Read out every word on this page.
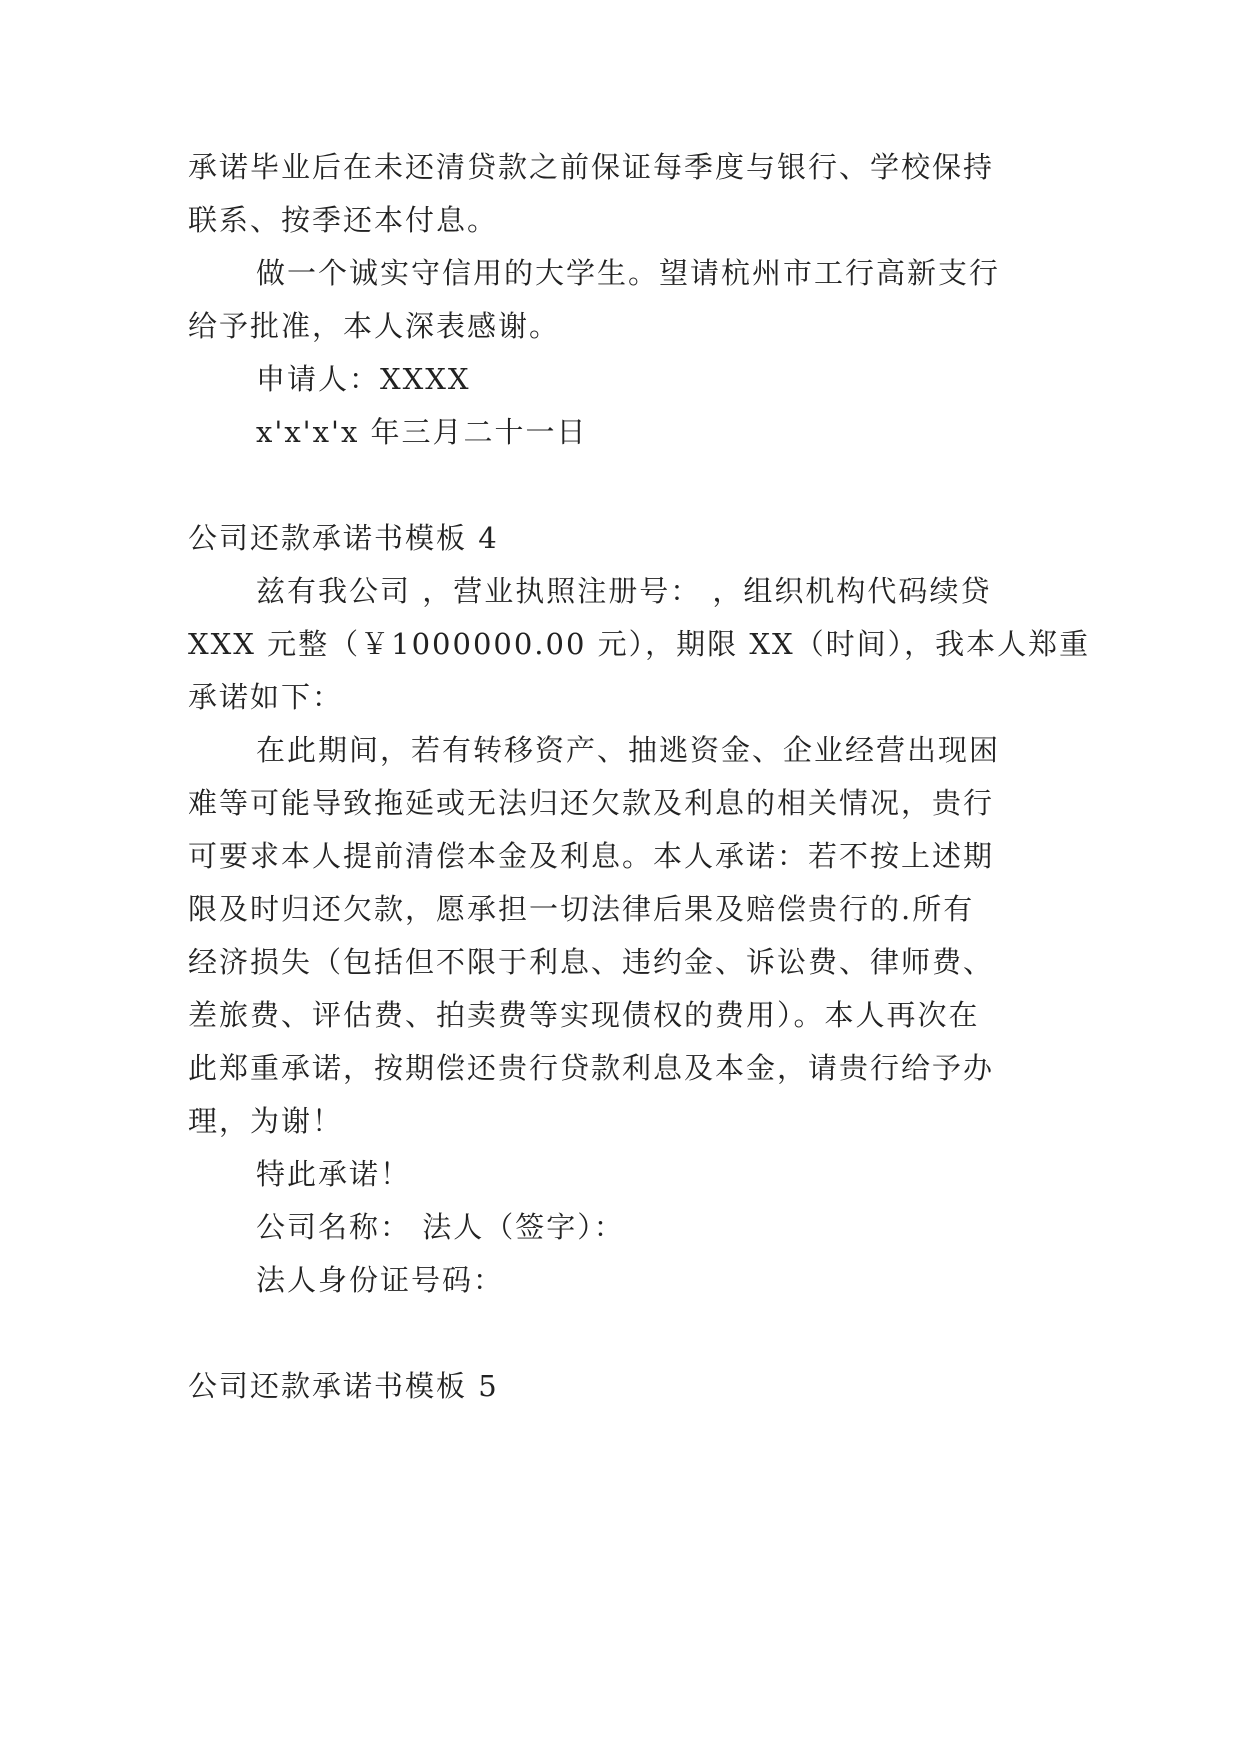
承诺毕业后在未还清贷款之前保证每季度与银行、学校保持
联系、按季还本付息。
做一个诚实守信用的大学生。望请杭州市工行高新支行
给予批准，本人深表感谢。
申请人：XXXX
x'x'x'x 年三月二十一日
公司还款承诺书模板 4
兹有我公司 ，营业执照注册号： ，组织机构代码续贷
XXX 元整（￥1000000.00 元），期限 XX（时间），我本人郑重
承诺如下：
在此期间，若有转移资产、抽逃资金、企业经营出现困
难等可能导致拖延或无法归还欠款及利息的相关情况，贵行
可要求本人提前清偿本金及利息。本人承诺：若不按上述期
限及时归还欠款，愿承担一切法律后果及赔偿贵行的.所有
经济损失（包括但不限于利息、违约金、诉讼费、律师费、
差旅费、评估费、拍卖费等实现债权的费用）。本人再次在
此郑重承诺，按期偿还贵行贷款利息及本金，请贵行给予办
理，为谢！
特此承诺！
公司名称： 法人（签字）：
法人身份证号码：
公司还款承诺书模板 5
